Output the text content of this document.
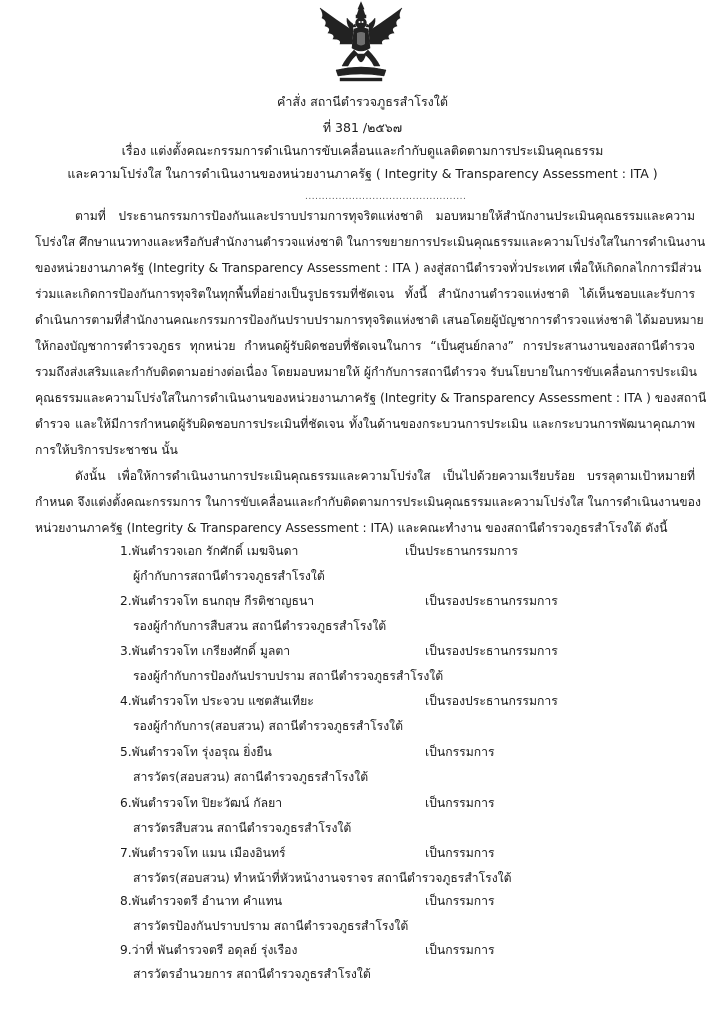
คำสั่ง สถานีตำรวจภูธรสำโรงใต้
ที่ 381 /๒๕๖๗
เรื่อง แต่งตั้งคณะกรรมการดำเนินการขับเคลื่อนและกำกับดูแลติดตามการประเมินคุณธรรม
และความโปร่งใส ในการดำเนินงานของหน่วยงานภาครัฐ ( Integrity & Transparency Assessment : ITA )
................................................
ตามที่ ประธานกรรมการป้องกันและปราบปรามการทุจริตแห่งชาติ มอบหมายให้สำนักงานประเมินคุณธรรมและความ
โปร่งใส ศึกษาแนวทางและหรือกับสำนักงานตำรวจแห่งชาติ ในการขยายการประเมินคุณธรรมและความโปร่งใสในการดำเนินงาน
ของหน่วยงานภาครัฐ (Integrity & Transparency Assessment : ITA ) ลงสู่สถานีตำรวจทั่วประเทศ เพื่อให้เกิดกลไกการมีส่วน
ร่วมและเกิดการป้องกันการทุจริตในทุกพื้นที่อย่างเป็นรูปธรรมที่ชัดเจน ทั้งนี้ สำนักงานตำรวจแห่งชาติ ได้เห็นชอบและรับการ
ดำเนินการตามที่สำนักงานคณะกรรมการป้องกันปราบปรามการทุจริตแห่งชาติ เสนอโดยผู้บัญชาการตำรวจแห่งชาติ ได้มอบหมาย
ให้กองบัญชาการตำรวจภูธร ทุกหน่วย กำหนดผู้รับผิดชอบที่ชัดเจนในการ “เป็นศูนย์กลาง” การประสานงานของสถานีตำรวจ
รวมถึงส่งเสริมและกำกับติดตามอย่างต่อเนื่อง โดยมอบหมายให้ ผู้กำกับการสถานีตำรวจ รับนโยบายในการขับเคลื่อนการประเมิน
คุณธรรมและความโปร่งใสในการดำเนินงานของหน่วยงานภาครัฐ (Integrity & Transparency Assessment : ITA ) ของสถานี
ตำรวจ และให้มีการกำหนดผู้รับผิดชอบการประเมินที่ชัดเจน ทั้งในด้านของกระบวนการประเมิน และกระบวนการพัฒนาคุณภาพ
การให้บริการประชาชน นั้น
ดังนั้น เพื่อให้การดำเนินงานการประเมินคุณธรรมและความโปร่งใส เป็นไปด้วยความเรียบร้อย บรรลุตามเป้าหมายที่
กำหนด จึงแต่งตั้งคณะกรรมการ ในการขับเคลื่อนและกำกับติดตามการประเมินคุณธรรมและความโปร่งใส ในการดำเนินงานของ
หน่วยงานภาครัฐ (Integrity & Transparency Assessment : ITA) และคณะทำงาน ของสถานีตำรวจภูธรสำโรงใต้ ดังนี้
1.พันตำรวจเอก รักศักดิ์ เมฆจินดา	เป็นประธานกรรมการ
ผู้กำกับการสถานีตำรวจภูธรสำโรงใต้
2.พันตำรวจโท ธนกฤษ กีรติชาญธนา	เป็นรองประธานกรรมการ
รองผู้กำกับการสืบสวน สถานีตำรวจภูธรสำโรงใต้
3.พันตำรวจโท เกรียงศักดิ์ มูลตา	เป็นรองประธานกรรมการ
รองผู้กำกับการป้องกันปราบปราม สถานีตำรวจภูธรสำโรงใต้
4.พันตำรวจโท ประจวบ แซตสันเทียะ	เป็นรองประธานกรรมการ
รองผู้กำกับการ(สอบสวน) สถานีตำรวจภูธรสำโรงใต้
5.พันตำรวจโท รุ่งอรุณ ยิ่งยืน	เป็นกรรมการ
สารวัตร(สอบสวน) สถานีตำรวจภูธรสำโรงใต้
6.พันตำรวจโท ปิยะวัฒน์ กัลยา	เป็นกรรมการ
สารวัตรสืบสวน สถานีตำรวจภูธรสำโรงใต้
7.พันตำรวจโท แมน เมืองอินทร์	เป็นกรรมการ
สารวัตร(สอบสวน) ทำหน้าที่หัวหน้างานจราจร สถานีตำรวจภูธรสำโรงใต้
8.พันตำรวจตรี อำนาท คำแทน	เป็นกรรมการ
สารวัตรป้องกันปราบปราม สถานีตำรวจภูธรสำโรงใต้
9.ว่าที่ พันตำรวจตรี อดุลย์ รุ่งเรือง	เป็นกรรมการ
สารวัตรอำนวยการ สถานีตำรวจภูธรสำโรงใต้
